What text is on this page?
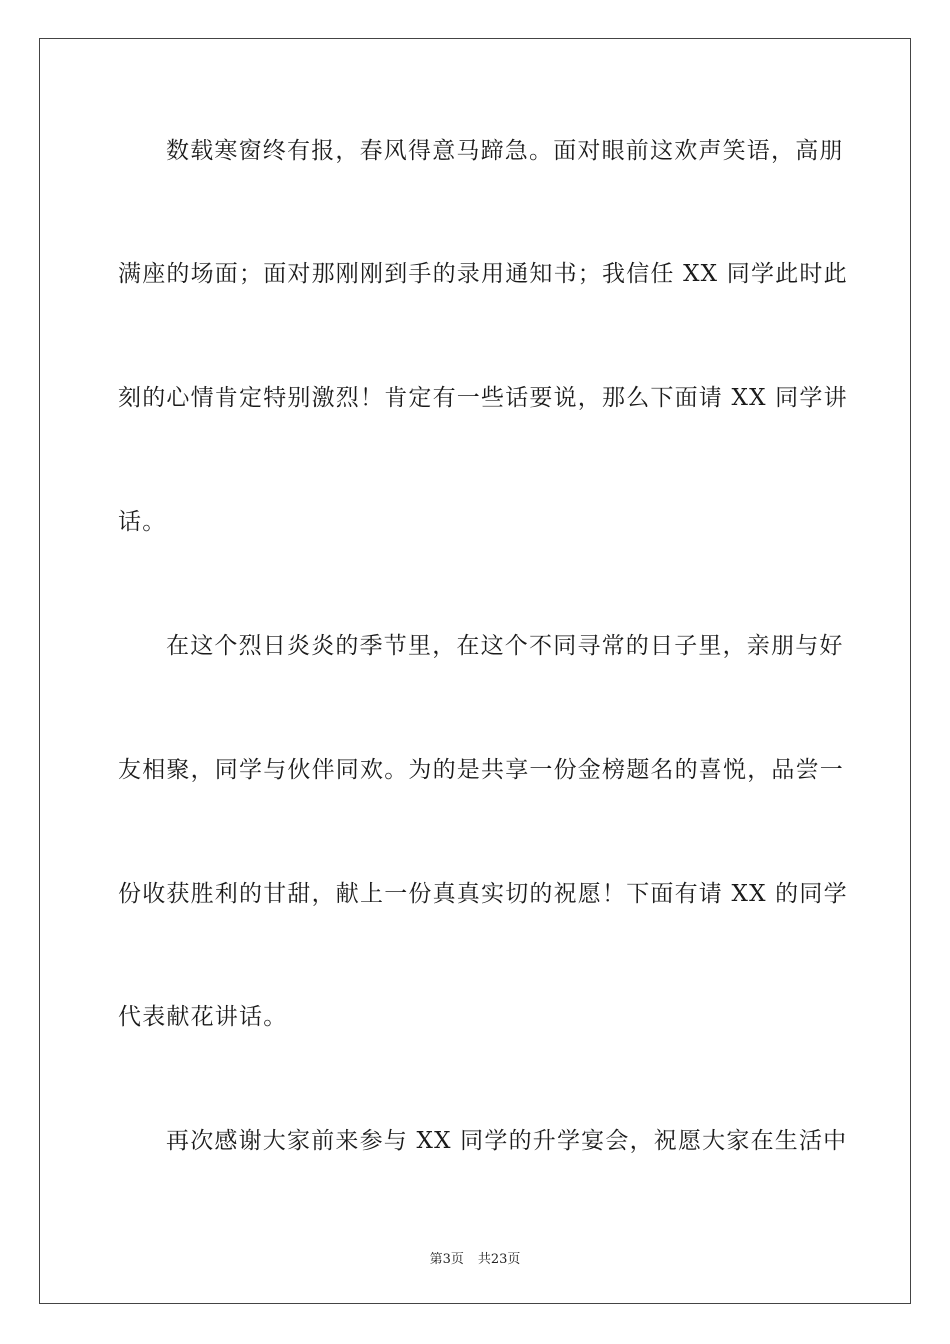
数载寒窗终有报，春风得意马蹄急。面对眼前这欢声笑语，高朋
满座的场面；面对那刚刚到手的录用通知书；我信任 XX 同学此时此
刻的心情肯定特别激烈！肯定有一些话要说，那么下面请 XX 同学讲
话。
在这个烈日炎炎的季节里，在这个不同寻常的日子里，亲朋与好
友相聚，同学与伙伴同欢。为的是共享一份金榜题名的喜悦，品尝一
份收获胜利的甘甜，献上一份真真实切的祝愿！下面有请 XX 的同学
代表献花讲话。
再次感谢大家前来参与 XX 同学的升学宴会，祝愿大家在生活中
第3页 共23页
